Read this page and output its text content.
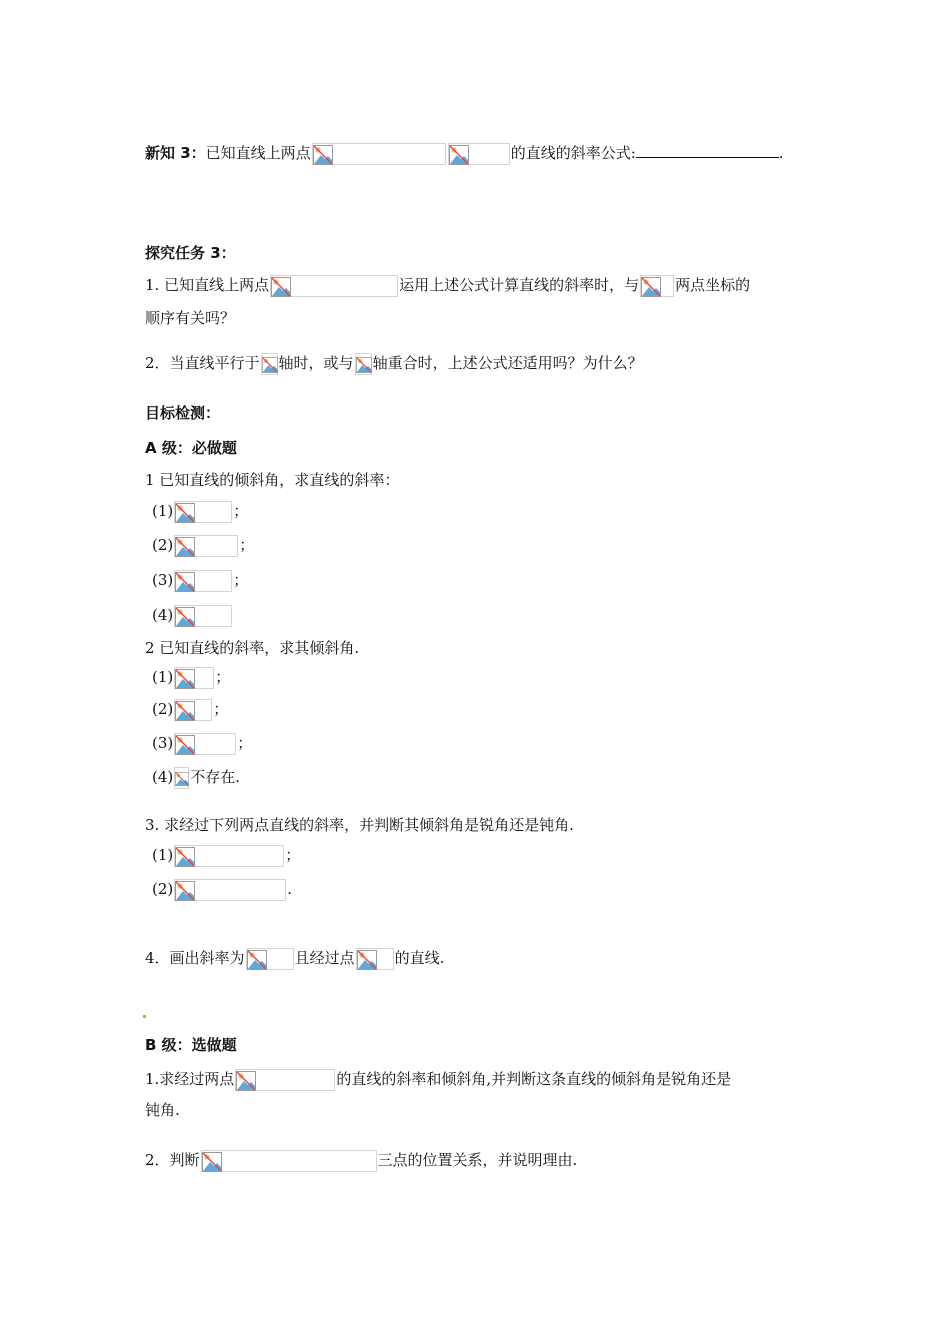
新知 3：已知直线上两点	的直线的斜率公式:	.
探究任务 3：
1. 已知直线上两点	运用上述公式计算直线的斜率时，与 两点坐标的
顺序有关吗？
2．当直线平行于 轴时，或与 轴重合时，上述公式还适用吗？为什么？
目标检测：
A 级：必做题
1 已知直线的倾斜角，求直线的斜率：
(1)	；
(2)	；
(3)	；
(4)
2 已知直线的斜率，求其倾斜角.
(1)	；
(2)	；
(3)	；
(4) 不存在.
3. 求经过下列两点直线的斜率，并判断其倾斜角是锐角还是钝角.
(1)	；
(2)	.
4．画出斜率为	且经过点	的直线.
B 级：选做题
1.求经过两点	的直线的斜率和倾斜角,并判断这条直线的倾斜角是锐角还是
钝角.
2．判断	三点的位置关系，并说明理由.
